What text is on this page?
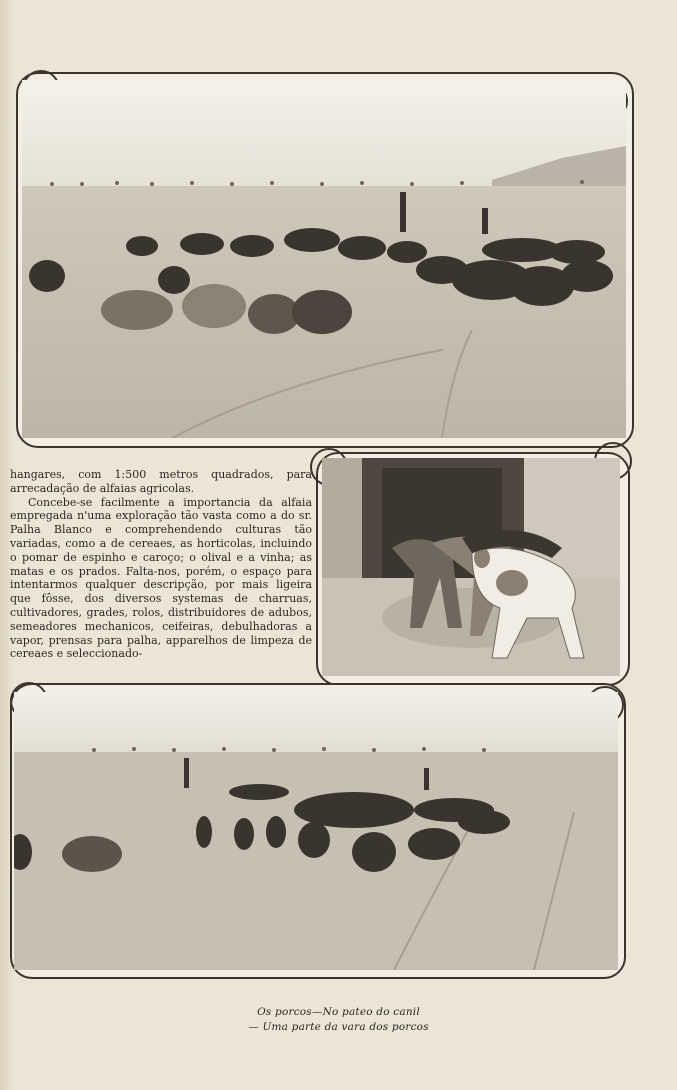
hangares, com 1:500 metros quadrados, para arrecadação de alfaias agricolas.

Concebe-se facilmente a importancia da alfaia empregada n'uma exploração tão vasta como a do sr. Palha Blanco e comprehendendo culturas tão variadas, como a de cereaes, as horticolas, incluindo o pomar de espinho e caroço; o olival e a vinha; as matas e os prados. Falta-nos, porém, o espaço para intentarmos qualquer descripção, por mais ligeira que fôsse, dos diversos systemas de charruas, cultivadores, grades, rolos, distribuidores de adubos, semeadores mechanicos, ceifeiras, debulhadoras a vapor, prensas para palha, apparelhos de limpeza de cereaes e seleccionado-

Os porcos—No pateo do canil
— Uma parte da vara dos porcos
